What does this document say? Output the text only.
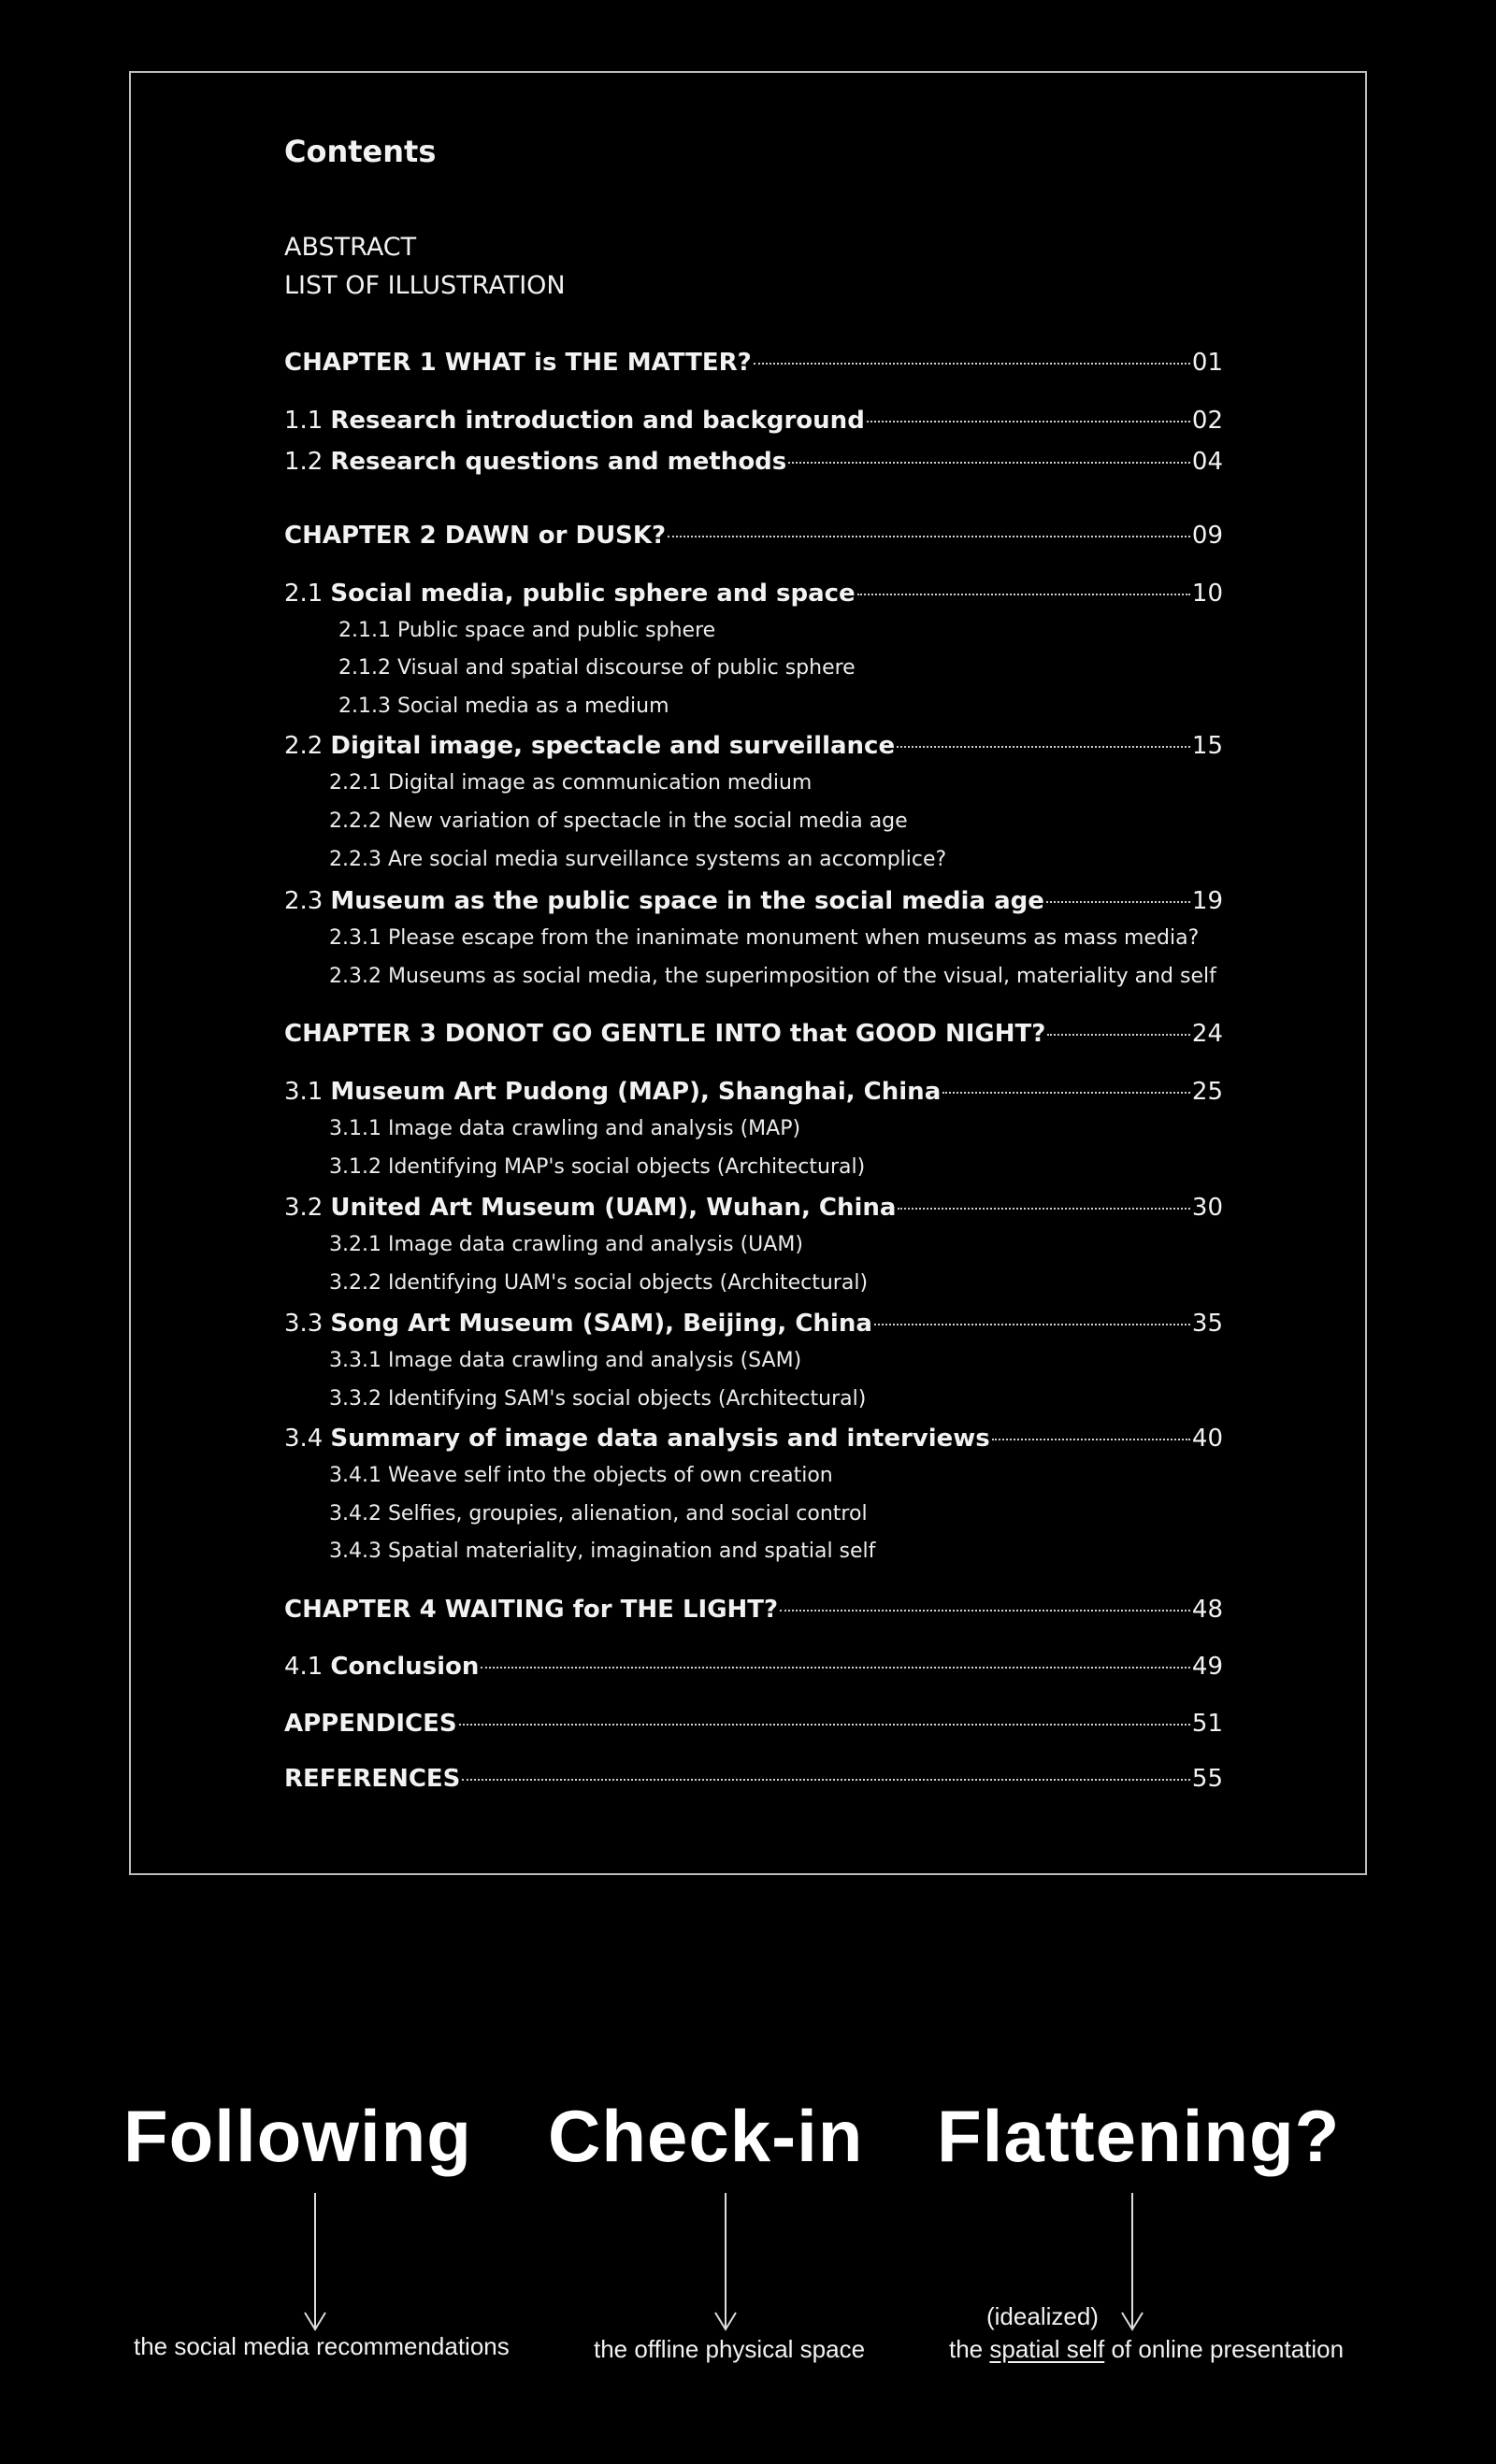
Contents
ABSTRACT
LIST OF ILLUSTRATION
CHAPTER 1 WHAT is THE MATTER?	01
1.1 Research introduction and background	02
1.2 Research questions and methods	04
CHAPTER 2 DAWN or DUSK?	09
2.1 Social media, public sphere and space	10
2.1.1 Public space and public sphere
2.1.2 Visual and spatial discourse of public sphere
2.1.3 Social media as a medium
2.2 Digital image, spectacle and surveillance	15
2.2.1 Digital image as communication medium
2.2.2 New variation of spectacle in the social media age
2.2.3 Are social media surveillance systems an accomplice?
2.3 Museum as the public space in the social media age	19
2.3.1 Please escape from the inanimate monument when museums as mass media?
2.3.2 Museums as social media, the superimposition of the visual, materiality and self
CHAPTER 3 DONOT GO GENTLE INTO that GOOD NIGHT?	24
3.1 Museum Art Pudong (MAP), Shanghai, China	25
3.1.1 Image data crawling and analysis (MAP)
3.1.2 Identifying MAP's social objects (Architectural)
3.2 United Art Museum (UAM), Wuhan, China	30
3.2.1 Image data crawling and analysis (UAM)
3.2.2 Identifying UAM's social objects (Architectural)
3.3 Song Art Museum (SAM), Beijing, China	35
3.3.1 Image data crawling and analysis (SAM)
3.3.2 Identifying SAM's social objects (Architectural)
3.4 Summary of image data analysis and interviews	40
3.4.1 Weave self into the objects of own creation
3.4.2 Selfies, groupies, alienation, and social control
3.4.3 Spatial materiality, imagination and spatial self
CHAPTER 4 WAITING for THE LIGHT?	48
4.1 Conclusion	49
APPENDICES	51
REFERENCES	55
Following Check-in Flattening?
the social media recommendations	the offline physical space
(idealized)
the spatial self of online presentation
